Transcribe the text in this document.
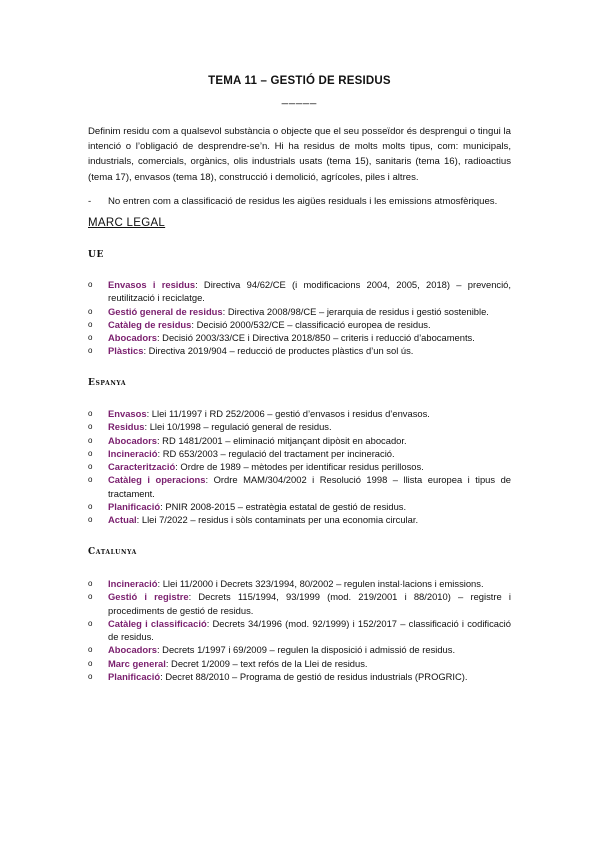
TEMA 11 – GESTIÓ DE RESIDUS
_____

Definim residu com a qualsevol substància o objecte que el seu posseïdor és desprengui o tingui la intenció o l’obligació de desprendre-se’n. Hi ha residus de molts molts tipus, com: municipals, industrials, comercials, orgànics, olis industrials usats (tema 15), sanitaris (tema 16), radioactius (tema 17), envasos (tema 18), construcció i demolició, agrícoles, piles i altres.

- No entren com a classificació de residus les aigües residuals i les emissions atmosfèriques.
MARC LEGAL
UE
o Envasos i residus: Directiva 94/62/CE (i modificacions 2004, 2005, 2018) – prevenció, reutilització i reciclatge.
o Gestió general de residus: Directiva 2008/98/CE – jerarquia de residus i gestió sostenible.
o Catàleg de residus: Decisió 2000/532/CE – classificació europea de residus.
o Abocadors: Decisió 2003/33/CE i Directiva 2018/850 – criteris i reducció d’abocaments.
o Plàstics: Directiva 2019/904 – reducció de productes plàstics d’un sol ús.
Espanya
o Envasos: Llei 11/1997 i RD 252/2006 – gestió d’envasos i residus d’envasos.
o Residus: Llei 10/1998 – regulació general de residus.
o Abocadors: RD 1481/2001 – eliminació mitjançant dipòsit en abocador.
o Incineració: RD 653/2003 – regulació del tractament per incineració.
o Caracterització: Ordre de 1989 – mètodes per identificar residus perillosos.
o Catàleg i operacions: Ordre MAM/304/2002 i Resolució 1998 – llista europea i tipus de tractament.
o Planificació: PNIR 2008-2015 – estratègia estatal de gestió de residus.
o Actual: Llei 7/2022 – residus i sòls contaminats per una economia circular.
Catalunya
o Incineració: Llei 11/2000 i Decrets 323/1994, 80/2002 – regulen instal·lacions i emissions.
o Gestió i registre: Decrets 115/1994, 93/1999 (mod. 219/2001 i 88/2010) – registre i procediments de gestió de residus.
o Catàleg i classificació: Decrets 34/1996 (mod. 92/1999) i 152/2017 – classificació i codificació de residus.
o Abocadors: Decrets 1/1997 i 69/2009 – regulen la disposició i admissió de residus.
o Marc general: Decret 1/2009 – text refós de la Llei de residus.
o Planificació: Decret 88/2010 – Programa de gestió de residus industrials (PROGRIC).
